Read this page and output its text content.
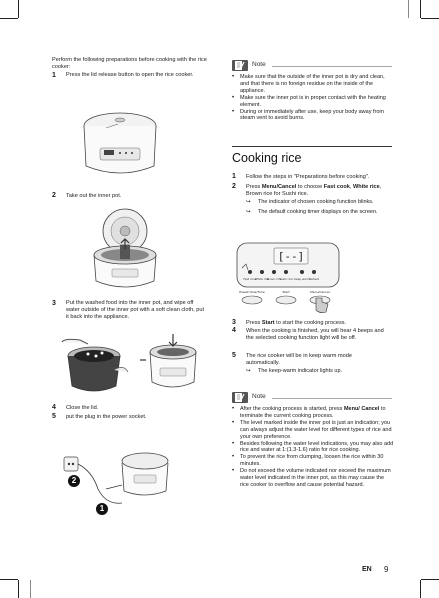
Perform the following preparations before cooking with the rice cooker:
1 Press the lid release button to open the rice cooker.
2 Take out the inner pot.
3 Put the washed food into the inner pot, and wipe off water outside of the inner pot with a soft clean cloth, put it back into the appliance.
4 Close the lid.
5 put the plug in the power socket.
2
1
Note
• Make sure that the outside of the inner pot is dry and clean, and that there is no foreign residue on the inside of the appliance.
• Make sure the inner pot is in proper contact with the heating element.
• During or immediately after use, keep your body away from steam vent to avoid burns.
Cooking rice
1 Follow the steps in "Preparations before cooking".
2 Press Menu/Cancel to choose Fast cook, White rice, Brown rice for Sushi rice.
↪ The indicator of chosen cooking function blinks.
↪ The default cooking timer displays on the screen.
[--]
Fast cook
White rice
Brown rice
Sushi rice Keep warm Reheat
Preset time/Time	Start	Menu/Cancel
3 Press Start to start the cooking process.
4 When the cooking is finished, you will hear 4 beeps and the selected cooking function light will be off.
5 The rice cooker will be in keep warm mode automatically.
↪ The keep-warm indicator lights up.
Note
• After the cooking process is started, press Menu/ Cancel to terminate the current cooking process.
• The level marked inside the inner pot is just an indication; you can always adjust the water level for different types of rice and your own preference.
• Besides following the water level indications, you may also add rice and water at 1:(1.3-1.6) ratio for rice cooking.
• To prevent the rice from clumping, loosen the rice within 30 minutes.
• Do not exceed the volume indicated nor exceed the maximum water level indicated in the inner pot, as this may cause the rice cooker to overflow and cause potential hazard.
EN 9
